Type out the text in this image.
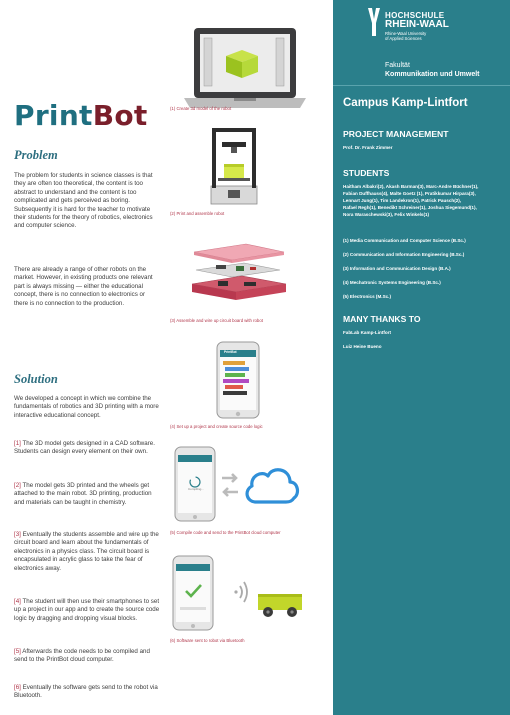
PrintBot
Problem
The problem for students in science classes is that they are often too theoretical, the content is too abstract to understand and the content is too complicated and gets perceived as boring. Subsequently it is hard for the teacher to motivate their students for the theory of robotics, electronics and computer science.
There are already a range of other robots on the market. However, in existing products one relevant part is always missing — either the educational concept, there is no connection to electronics or there is no connection to the production.
Solution
We developed a concept in which we combine the fundamentals of robotics and 3D printing with a more interactive educational concept.
[1] The 3D model gets designed in a CAD software. Students can design every element on their own.
[2] The model gets 3D printed and the wheels get attached to the main robot. 3D printing, production and materials can be taught in chemistry.
[3] Eventually the students assemble and wire up the circuit board and learn about the fundamentals of electronics in a physics class. The circuit board is encapsulated in acrylic glass to take the fear of electronics away.
[4] The student will then use their smartphones to set up a project in our app and to create the source code logic by dragging and dropping visual blocks.
[5] Afterwards the code needs to be compiled and send to the PrintBot cloud computer.
[6] Eventually the software gets send to the robot via Bluetooth.
(1) Create 3d model of the robot
(2) Print and assemble robot
(3) Assemble and wire up circuit board with robot
PrintBot
(4) Set up a project and create source code logic
Compiling...
(5) Compile code and send to the PrintBot cloud computer
(6) Software sent to robot via Bluetooth
HOCHSCHULE
RHEIN-WAAL
Rhine-Waal University
of Applied Sciences
Fakultät
Kommunikation und Umwelt
Campus Kamp-Lintfort
PROJECT MANAGEMENT
Prof. Dr. Frank Zimmer
STUDENTS
Haitham Albakri(2), Akash Barman(3), Marc-Andre Büchner(1),
Fabian Duffhauss(4), Malte Goetz (1), Pratikkumar Hirpara(3),
Lennart Jung(1), Tim Landekron(1), Patrick Pausch(2),
Rafael Regh(1), Benedikt Schreiner(1), Joshua Siegemund(1),
Nora Waraschewski(3), Felix Winkels(1)
(1) Media Communication and Computer Science (B.Sc.)
(2) Communication and Information Engineering (B.Sc.)
(3) Information and Communication Design (B.A.)
(4) Mechatronic Systems Engineering (B.Sc.)
(5) Electronics (M.Sc.)
MANY THANKS TO
FabLab Kamp-Lintfort
Luiz Heine Bueno
